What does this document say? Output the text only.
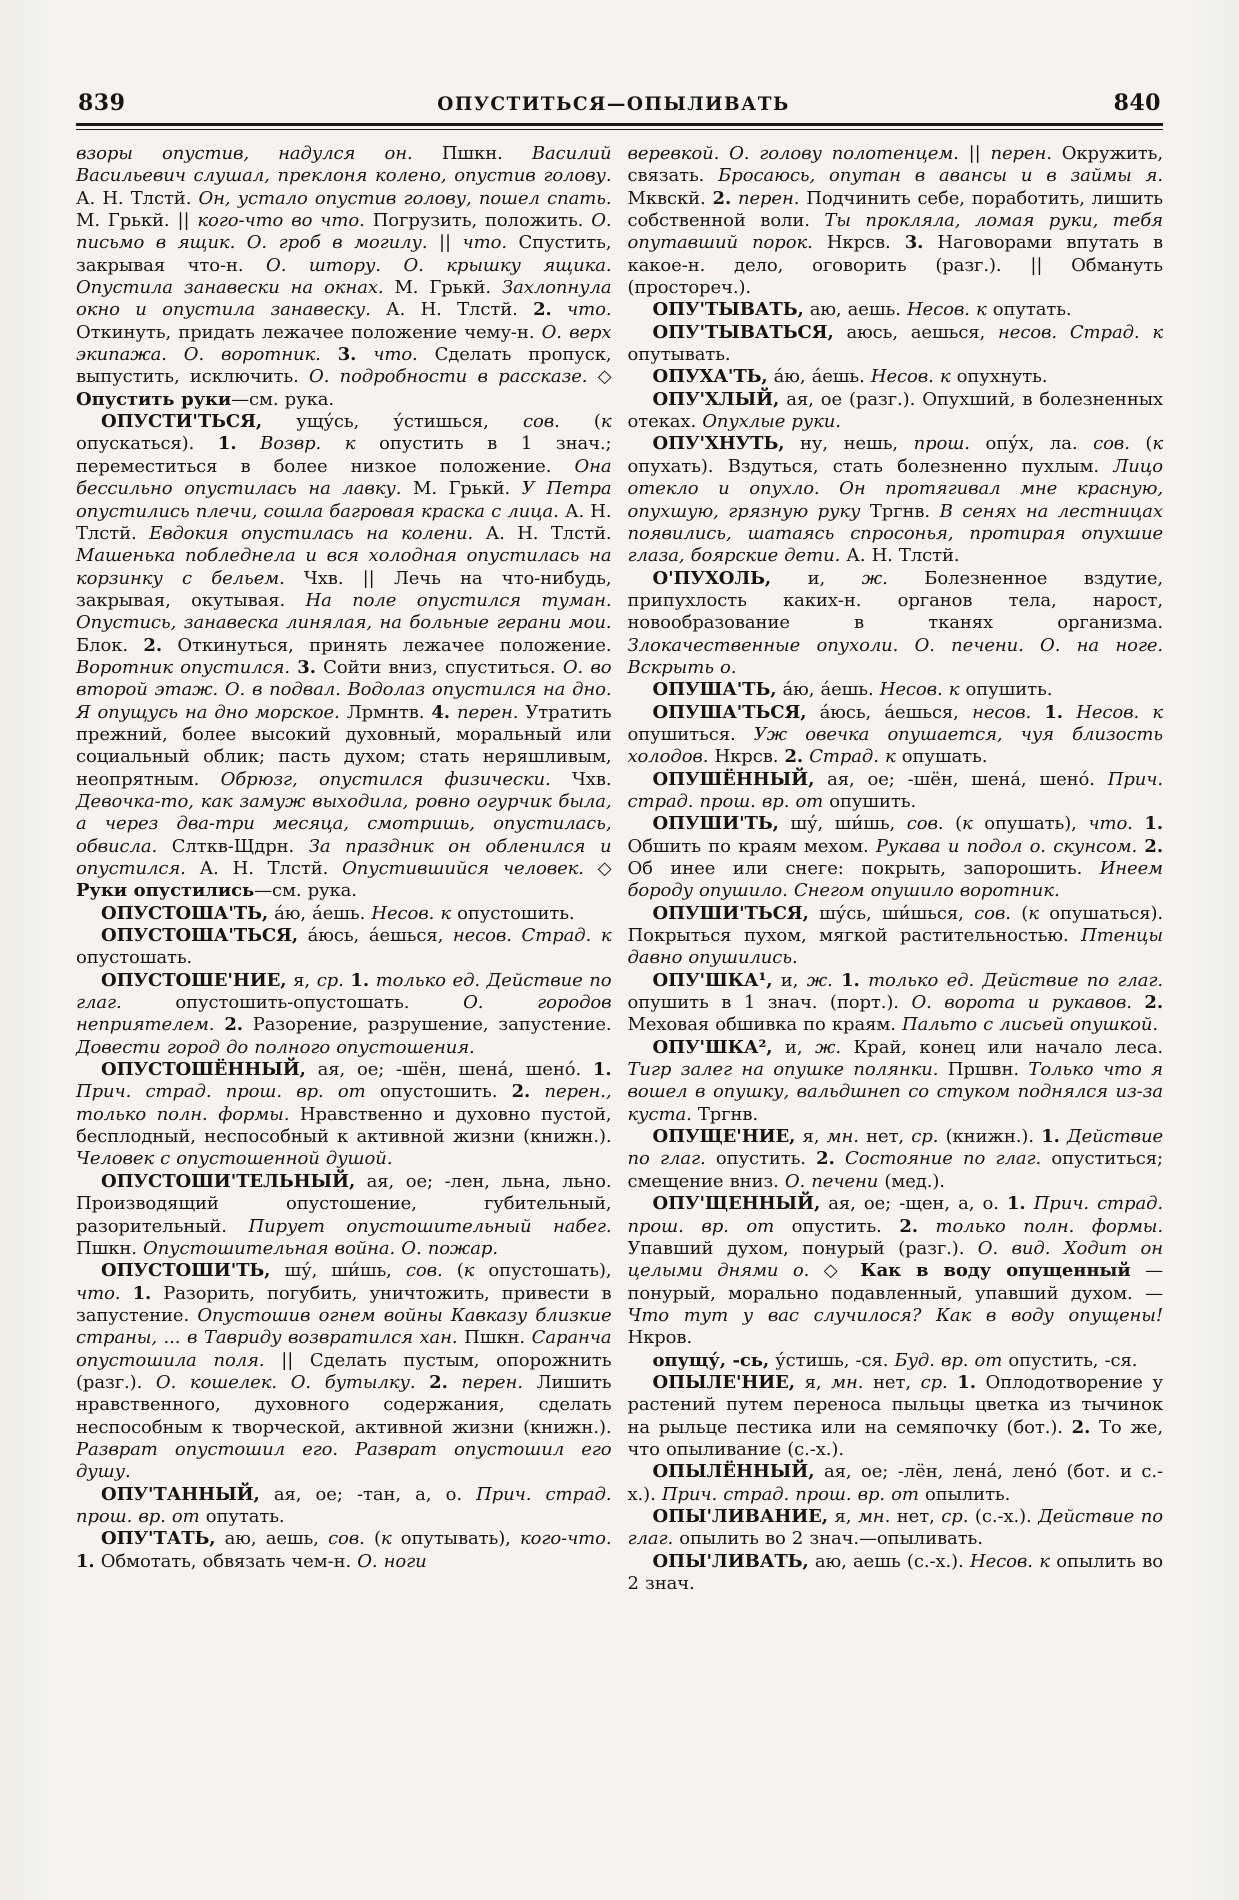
839	ОПУСТИТЬСЯ—ОПЫЛИВАТЬ	840

взоры опустив, надулся он. Пшкн. Василий Васильевич слушал, преклоня колено, опустив голову. А. Н. Тлстй. Он, устало опустив голову, пошел спать. М. Грькй. || кого-что во что. Погрузить, положить. О. письмо в ящик. О. гроб в могилу. || что. Спустить, закрывая что-н. О. штору. О. крышку ящика. Опустила занавески на окнах. М. Грькй. Захлопнула окно и опустила занавеску. А. Н. Тлстй. 2. что. Откинуть, придать лежачее положение чему-н. О. верх экипажа. О. воротник. 3. что. Сделать пропуск, выпустить, исключить. О. подробности в рассказе. ◇ Опустить руки—см. рука.

ОПУСТИ'ТЬСЯ, ущу́сь, у́стишься, сов. (к опускаться). 1. Возвр. к опустить в 1 знач.; переместиться в более низкое положение. Она бессильно опустилась на лавку. М. Грькй. У Петра опустились плечи, сошла багровая краска с лица. А. Н. Тлстй. Евдокия опустилась на колени. А. Н. Тлстй. Машенька побледнела и вся холодная опустилась на корзинку с бельем. Чхв. || Лечь на что-нибудь, закрывая, окутывая. На поле опустился туман. Опустись, занавеска линялая, на больные герани мои. Блок. 2. Откинуться, принять лежачее положение. Воротник опустился. 3. Сойти вниз, спуститься. О. во второй этаж. О. в подвал. Водолаз опустился на дно. Я опущусь на дно морское. Лрмнтв. 4. перен. Утратить прежний, более высокий духовный, моральный или социальный облик; пасть духом; стать неряшливым, неопрятным. Обрюзг, опустился физически. Чхв. Девочка-то, как замуж выходила, ровно огурчик была, а через два-три месяца, смотришь, опустилась, обвисла. Слткв-Щдрн. За праздник он обленился и опустился. А. Н. Тлстй. Опустившийся человек. ◇ Руки опустились—см. рука.

ОПУСТОША'ТЬ, а́ю, а́ешь. Несов. к опустошить.

ОПУСТОША'ТЬСЯ, а́юсь, а́ешься, несов. Страд. к опустошать.

ОПУСТОШЕ'НИЕ, я, ср. 1. только ед. Действие по глаг. опустошить-опустошать. О. городов неприятелем. 2. Разорение, разрушение, запустение. Довести город до полного опустошения.

ОПУСТОШЁННЫЙ, ая, ое; -шён, шена́, шено́. 1. Прич. страд. прош. вр. от опустошить. 2. перен., только полн. формы. Нравственно и духовно пустой, бесплодный, неспособный к активной жизни (книжн.). Человек с опустошенной душой.

ОПУСТОШИ'ТЕЛЬНЫЙ, ая, ое; -лен, льна, льно. Производящий опустошение, губительный, разорительный. Пирует опустошительный набег. Пшкн. Опустошительная война. О. пожар.

ОПУСТОШИ'ТЬ, шу́, ши́шь, сов. (к опустошать), что. 1. Разорить, погубить, уничтожить, привести в запустение. Опустошив огнем войны Кавказу близкие страны, ... в Тавриду возвратился хан. Пшкн. Саранча опустошила поля. || Сделать пустым, опорожнить (разг.). О. кошелек. О. бутылку. 2. перен. Лишить нравственного, духовного содержания, сделать неспособным к творческой, активной жизни (книжн.). Разврат опустошил его. Разврат опустошил его душу.

ОПУ'ТАННЫЙ, ая, ое; -тан, а, о. Прич. страд. прош. вр. от опутать.

ОПУ'ТАТЬ, аю, аешь, сов. (к опутывать), кого-что. 1. Обмотать, обвязать чем-н. О. ноги

веревкой. О. голову полотенцем. || перен. Окружить, связать. Бросаюсь, опутан в авансы и в займы я. Мквскй. 2. перен. Подчинить себе, поработить, лишить собственной воли. Ты прокляла, ломая руки, тебя опутавший порок. Нкрсв. 3. Наговорами впутать в какое-н. дело, оговорить (разг.). || Обмануть (простореч.).

ОПУ'ТЫВАТЬ, аю, аешь. Несов. к опутать.

ОПУ'ТЫВАТЬСЯ, аюсь, аешься, несов. Страд. к опутывать.

ОПУХА'ТЬ, а́ю, а́ешь. Несов. к опухнуть.

ОПУ'ХЛЫЙ, ая, ое (разг.). Опухший, в болезненных отеках. Опухлые руки.

ОПУ'ХНУТЬ, ну, нешь, прош. опу́х, ла. сов. (к опухать). Вздуться, стать болезненно пухлым. Лицо отекло и опухло. Он протягивал мне красную, опухшую, грязную руку Тргнв. В сенях на лестницах появились, шатаясь спросонья, протирая опухшие глаза, боярские дети. А. Н. Тлстй.

О'ПУХОЛЬ, и, ж. Болезненное вздутие, припухлость каких-н. органов тела, нарост, новообразование в тканях организма. Злокачественные опухоли. О. печени. О. на ноге. Вскрыть о.

ОПУША'ТЬ, а́ю, а́ешь. Несов. к опушить.

ОПУША'ТЬСЯ, а́юсь, а́ешься, несов. 1. Несов. к опушиться. Уж овечка опушается, чуя близость холодов. Нкрсв. 2. Страд. к опушать.

ОПУШЁННЫЙ, ая, ое; -шён, шена́, шено́. Прич. страд. прош. вр. от опушить.

ОПУШИ'ТЬ, шу́, ши́шь, сов. (к опушать), что. 1. Обшить по краям мехом. Рукава и подол о. скунсом. 2. Об инее или снеге: покрыть, запорошить. Инеем бороду опушило. Снегом опушило воротник.

ОПУШИ'ТЬСЯ, шу́сь, ши́шься, сов. (к опушаться). Покрыться пухом, мягкой растительностью. Птенцы давно опушились.

ОПУ'ШКА¹, и, ж. 1. только ед. Действие по глаг. опушить в 1 знач. (порт.). О. ворота и рукавов. 2. Меховая обшивка по краям. Пальто с лисьей опушкой.

ОПУ'ШКА², и, ж. Край, конец или начало леса. Тигр залег на опушке полянки. Пршвн. Только что я вошел в опушку, вальдшнеп со стуком поднялся из-за куста. Тргнв.

ОПУЩЕ'НИЕ, я, мн. нет, ср. (книжн.). 1. Действие по глаг. опустить. 2. Состояние по глаг. опуститься; смещение вниз. О. печени (мед.).

ОПУ'ЩЕННЫЙ, ая, ое; -щен, а, о. 1. Прич. страд. прош. вр. от опустить. 2. только полн. формы. Упавший духом, понурый (разг.). О. вид. Ходит он целыми днями о. ◇ Как в воду опущенный — понурый, морально подавленный, упавший духом. — Что тут у вас случилося? Как в воду опущены! Нкров.

опущу́, -сь, у́стишь, -ся. Буд. вр. от опустить, -ся.

ОПЫЛЕ'НИЕ, я, мн. нет, ср. 1. Оплодотворение у растений путем переноса пыльцы цветка из тычинок на рыльце пестика или на семяпочку (бот.). 2. То же, что опыливание (с.-х.).

ОПЫЛЁННЫЙ, ая, ое; -лён, лена́, лено́ (бот. и с.-х.). Прич. страд. прош. вр. от опылить.

ОПЫ'ЛИВАНИЕ, я, мн. нет, ср. (с.-х.). Действие по глаг. опылить во 2 знач.—опыливать.

ОПЫ'ЛИВАТЬ, аю, аешь (с.-х.). Несов. к опылить во 2 знач.
